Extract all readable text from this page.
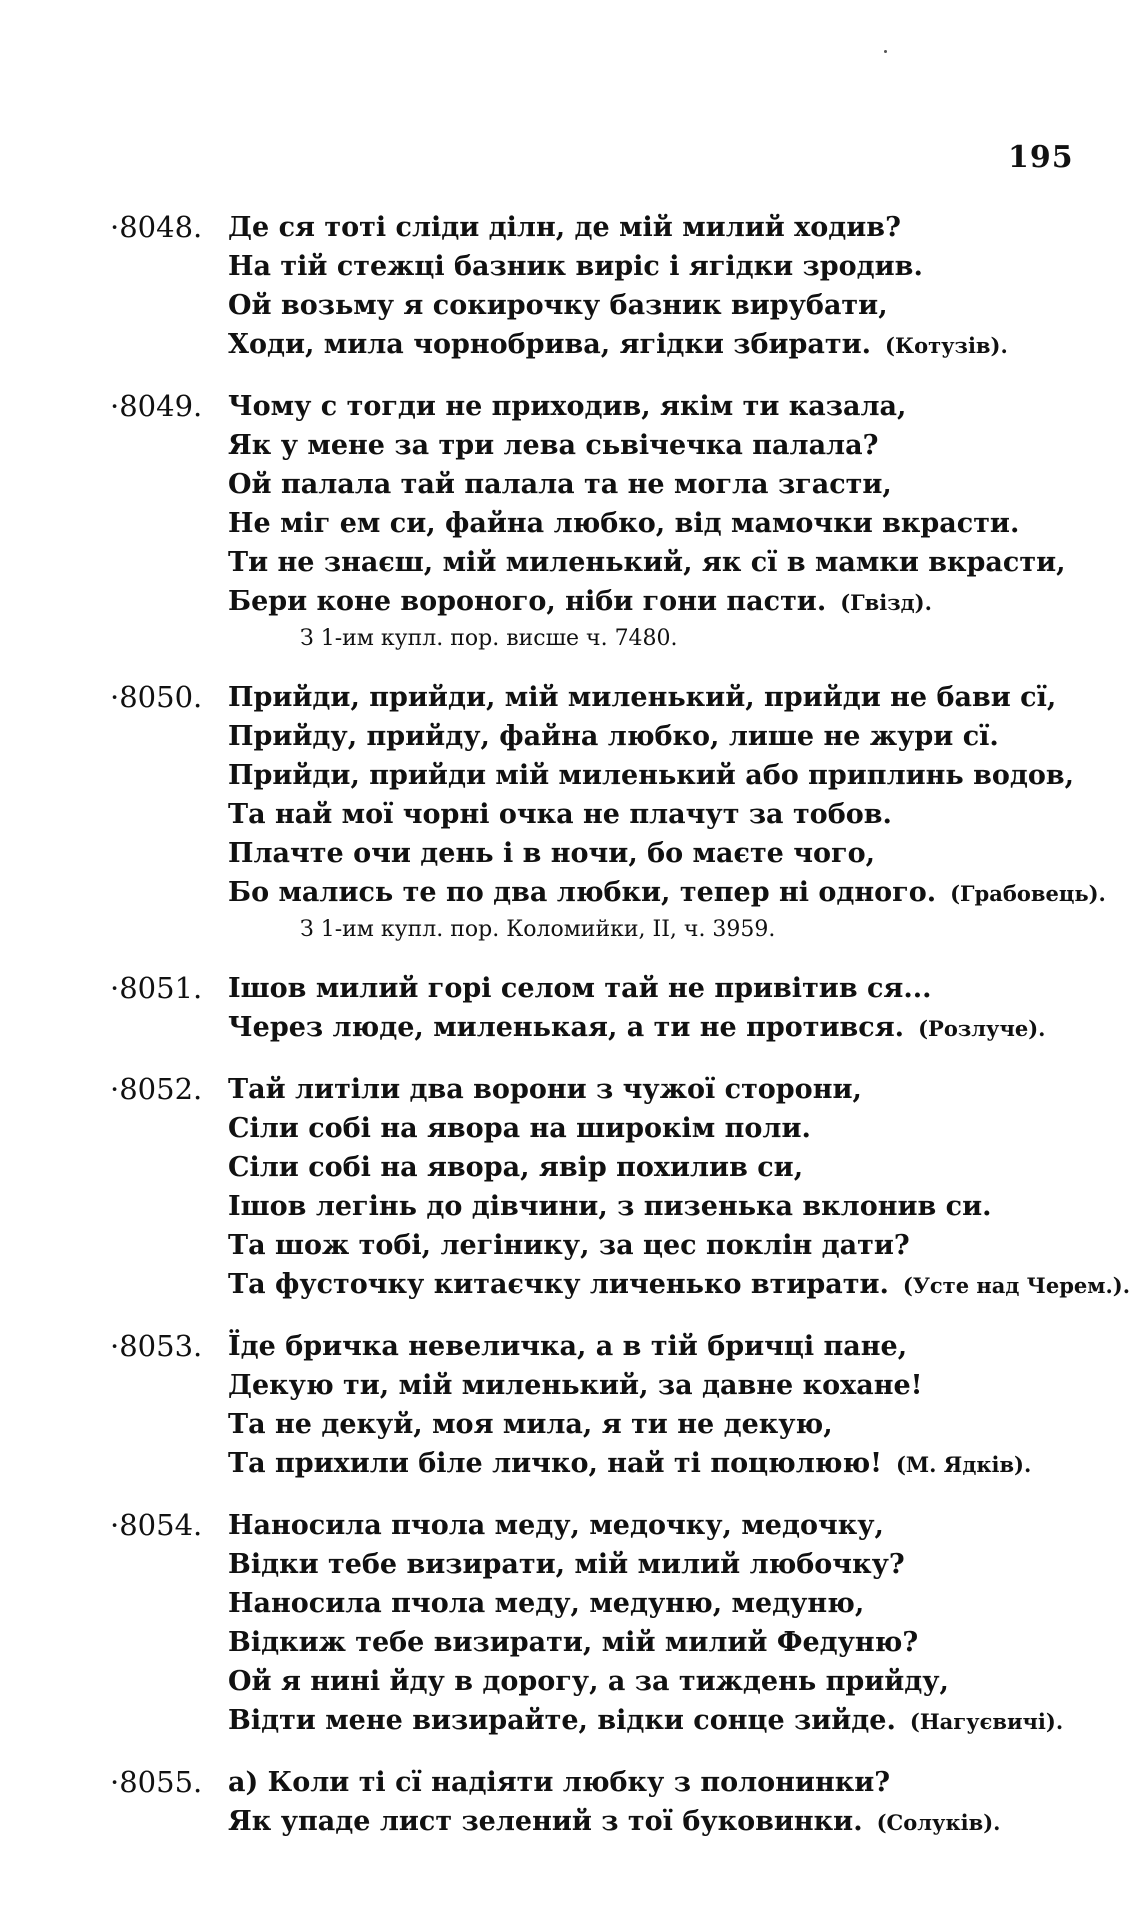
195
·8048. Де ся тоті сліди ділн, де мій милий ходив?
На тій стежці базник виріс і ягідки зродив.
Ой возьму я сокирочку базник вирубати,
Ходи, мила чорнобрива, ягідки збирати. (Котузів).
·8049. Чому с тогди не приходив, якім ти казала,
Як у мене за три лева сьвічечка палала?
Ой палала тай палала та не могла згасти,
Не міг ем си, файна любко, від мамочки вкрасти.
Ти не знаєш, мій миленький, як сї в мамки вкрасти,
Бери коне вороного, ніби гони пасти. (Гвізд).
З 1-им купл. пор. висше ч. 7480.
·8050. Прийди, прийди, мій миленький, прийди не бави сї,
Прийду, прийду, файна любко, лише не жури сї.
Прийди, прийди мій миленький або приплинь водов,
Та най мої чорні очка не плачут за тобов.
Плачте очи день і в ночи, бо маєте чого,
Бо мались те по два любки, тепер ні одного. (Грабовець).
З 1-им купл. пор. Коломийки, II, ч. 3959.
·8051. Ішов милий горі селом тай не привітив ся...
Через люде, миленькая, а ти не протився. (Розлуче).
·8052. Тай литіли два ворони з чужої сторони,
Сіли собі на явора на широкім поли.
Сіли собі на явора, явір похилив си,
Ішов легінь до дівчини, з пизенька вклонив си.
Та шож тобі, легінику, за цес поклін дати?
Та фусточку китаєчку личенько втирати. (Усте над Черем.).
·8053. Їде бричка невеличка, а в тій бричці пане,
Декую ти, мій миленький, за давне кохане!
Та не декуй, моя мила, я ти не декую,
Та прихили біле личко, най ті поцюлюю! (М. Ядків).
·8054. Наносила пчола меду, медочку, медочку,
Відки тебе визирати, мій милий любочку?
Наносила пчола меду, медуню, медуню,
Відкиж тебе визирати, мій милий Федуню?
Ой я нині йду в дорогу, а за тиждень прийду,
Відти мене визирайте, відки сонце зийде. (Нагуєвичі).
·8055. а) Коли ті сї надіяти любку з полонинки?
Як упаде лист зелений з тої буковинки. (Солуків).
